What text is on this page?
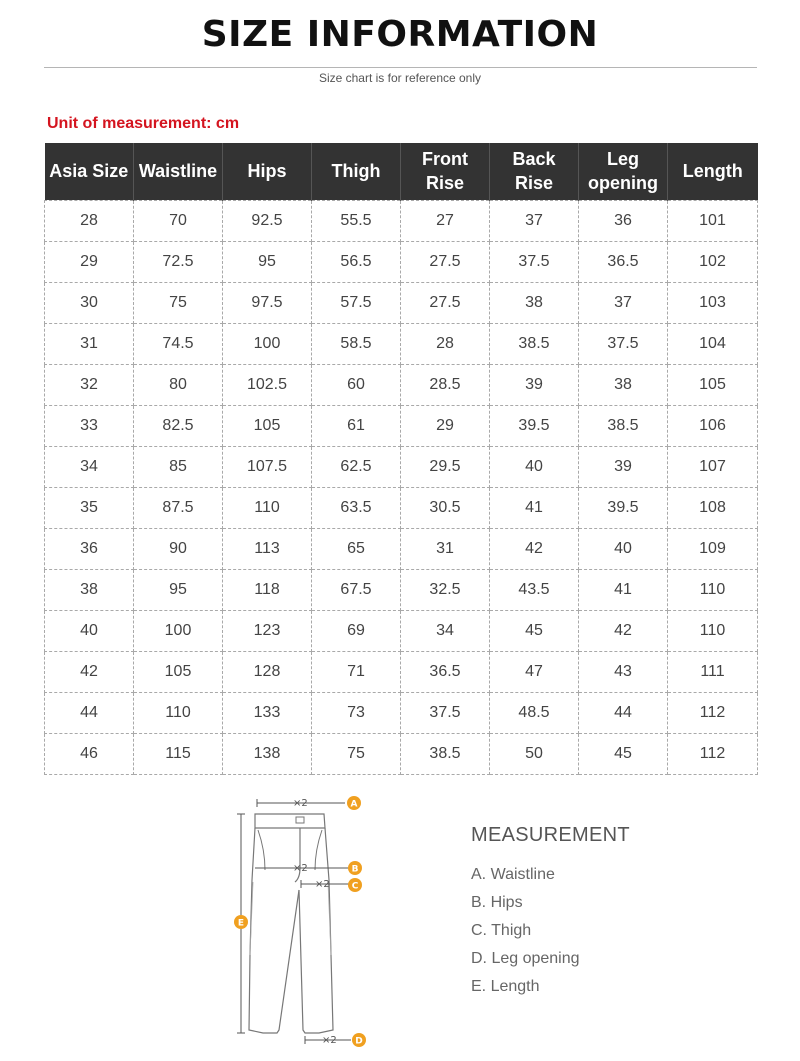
SIZE INFORMATION
Size chart is for reference only
Unit of measurement: cm
Asia Size	Waistline	Hips	Thigh	Front Rise	Back Rise	Leg opening	Length
28	70	92.5	55.5	27	37	36	101
29	72.5	95	56.5	27.5	37.5	36.5	102
30	75	97.5	57.5	27.5	38	37	103
31	74.5	100	58.5	28	38.5	37.5	104
32	80	102.5	60	28.5	39	38	105
33	82.5	105	61	29	39.5	38.5	106
34	85	107.5	62.5	29.5	40	39	107
35	87.5	110	63.5	30.5	41	39.5	108
36	90	113	65	31	42	40	109
38	95	118	67.5	32.5	43.5	41	110
40	100	123	69	34	45	42	110
42	105	128	71	36.5	47	43	111
44	110	133	73	37.5	48.5	44	112
46	115	138	75	38.5	50	45	112
×2
×2
×2
×2
A
B
C
D
E
MEASUREMENT
A. Waistline
B. Hips
C. Thigh
D. Leg opening
E. Length
